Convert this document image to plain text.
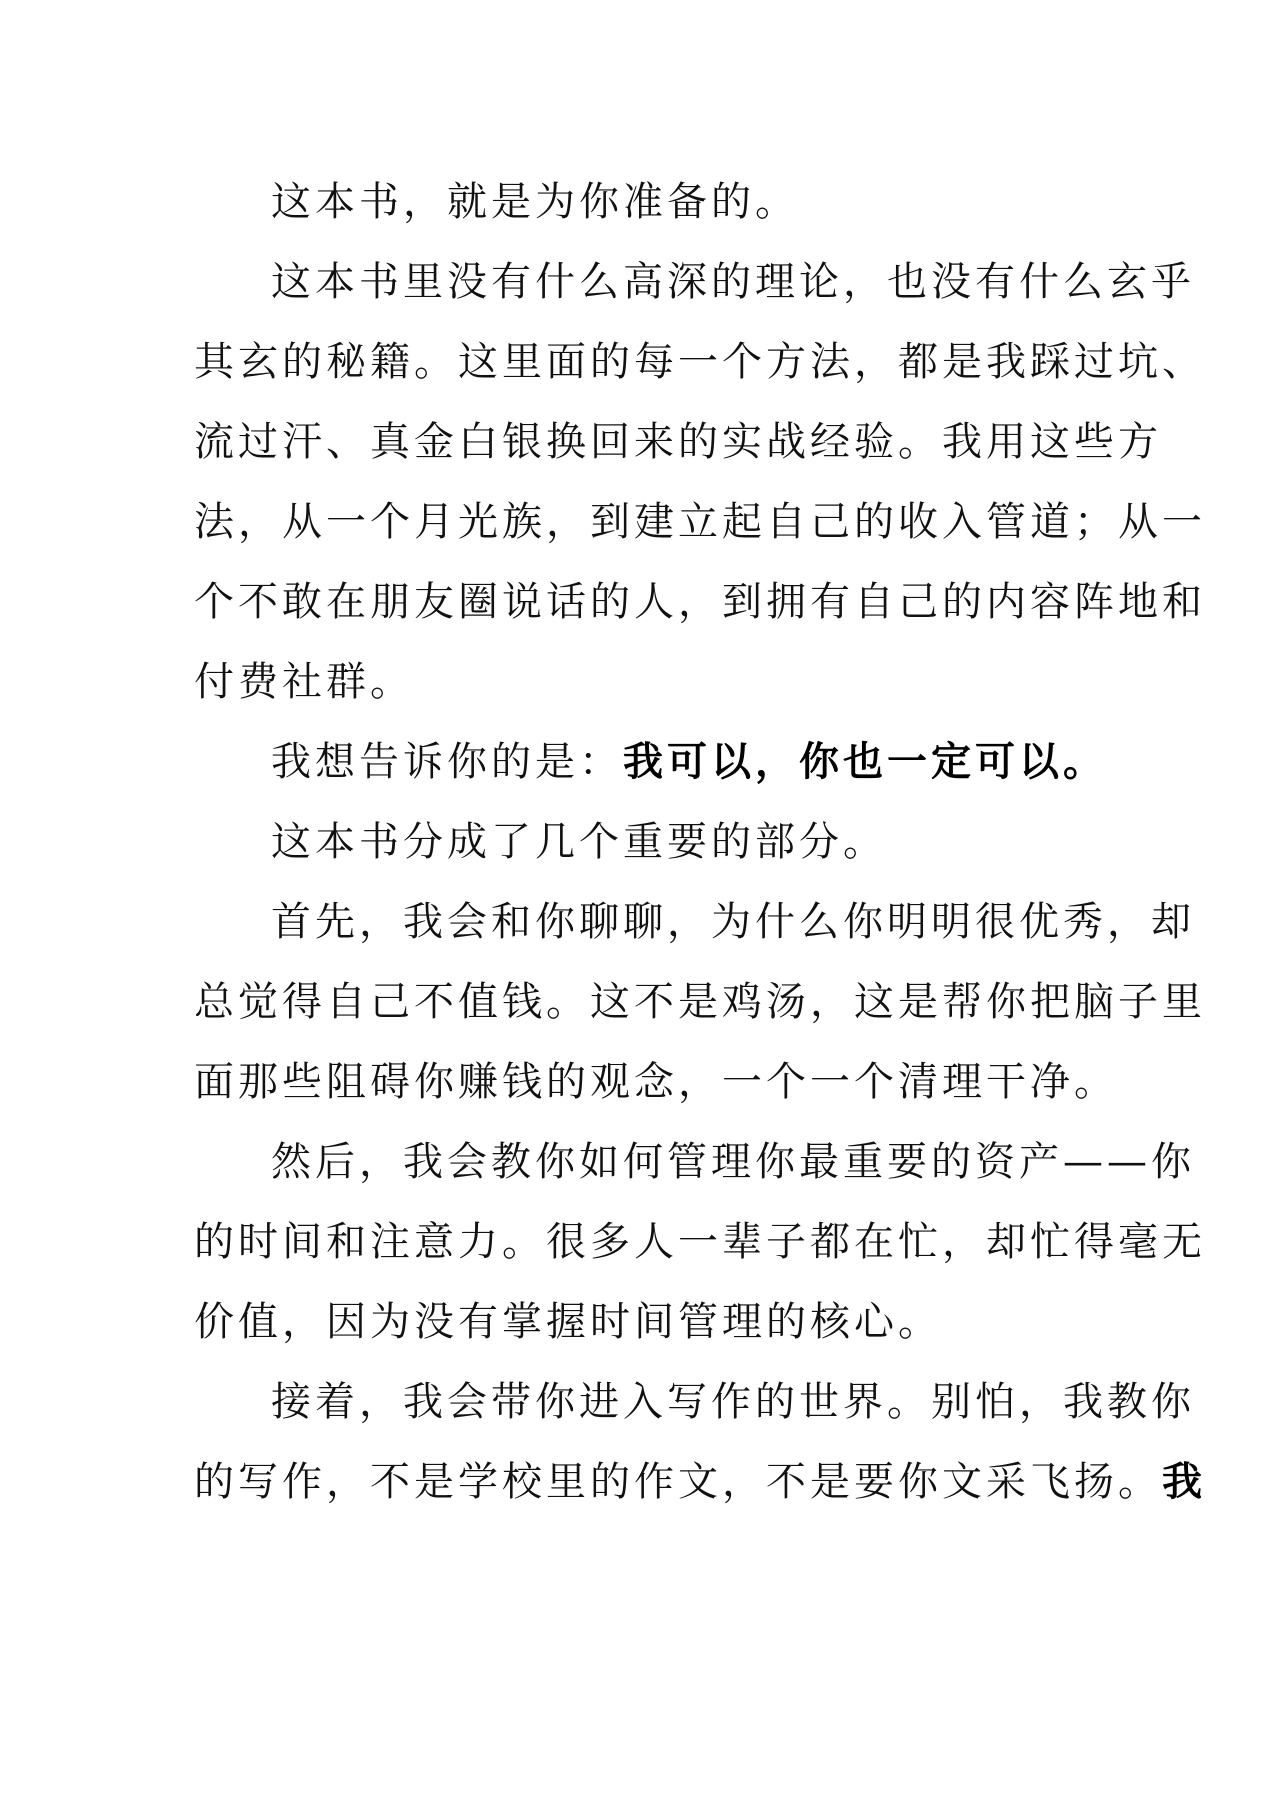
这本书，就是为你准备的。
这本书里没有什么高深的理论，也没有什么玄乎
其玄的秘籍。这里面的每一个方法，都是我踩过坑、
流过汗、真金白银换回来的实战经验。我用这些方
法，从一个月光族，到建立起自己的收入管道；从一
个不敢在朋友圈说话的人，到拥有自己的内容阵地和
付费社群。
我想告诉你的是：我可以，你也一定可以。
这本书分成了几个重要的部分。
首先，我会和你聊聊，为什么你明明很优秀，却
总觉得自己不值钱。这不是鸡汤，这是帮你把脑子里
面那些阻碍你赚钱的观念，一个一个清理干净。
然后，我会教你如何管理你最重要的资产——你
的时间和注意力。很多人一辈子都在忙，却忙得毫无
价值，因为没有掌握时间管理的核心。
接着，我会带你进入写作的世界。别怕，我教你
的写作，不是学校里的作文，不是要你文采飞扬。我
